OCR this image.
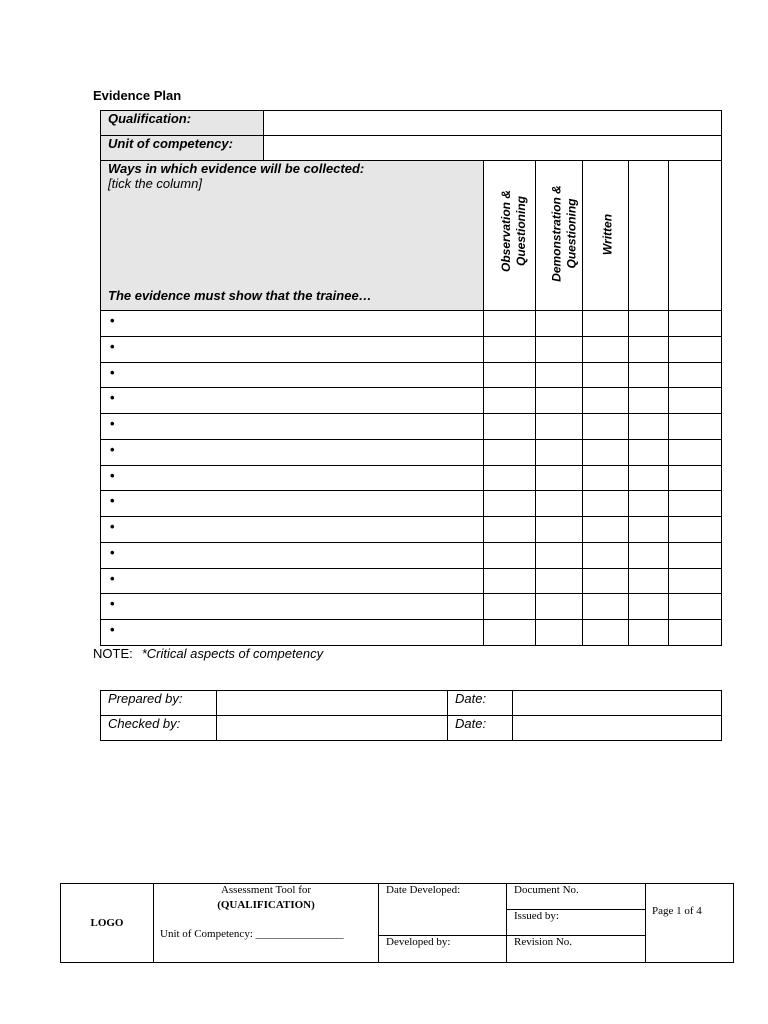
Evidence Plan
Qualification:
Unit of competency:
Ways in which evidence will be collected:
[tick the column]
The evidence must show that the trainee…
Observation & Questioning Demonstration & Questioning Written
•
•
•
•
•
•
•
•
•
•
•
•
•
NOTE: *Critical aspects of competency
Prepared by:	Date:
Checked by:	Date:
LOGO
Assessment Tool for
(QUALIFICATION)
Unit of Competency: ________________
Date Developed:
Developed by:
Document No.
Issued by:
Revision No.
Page 1 of 4
